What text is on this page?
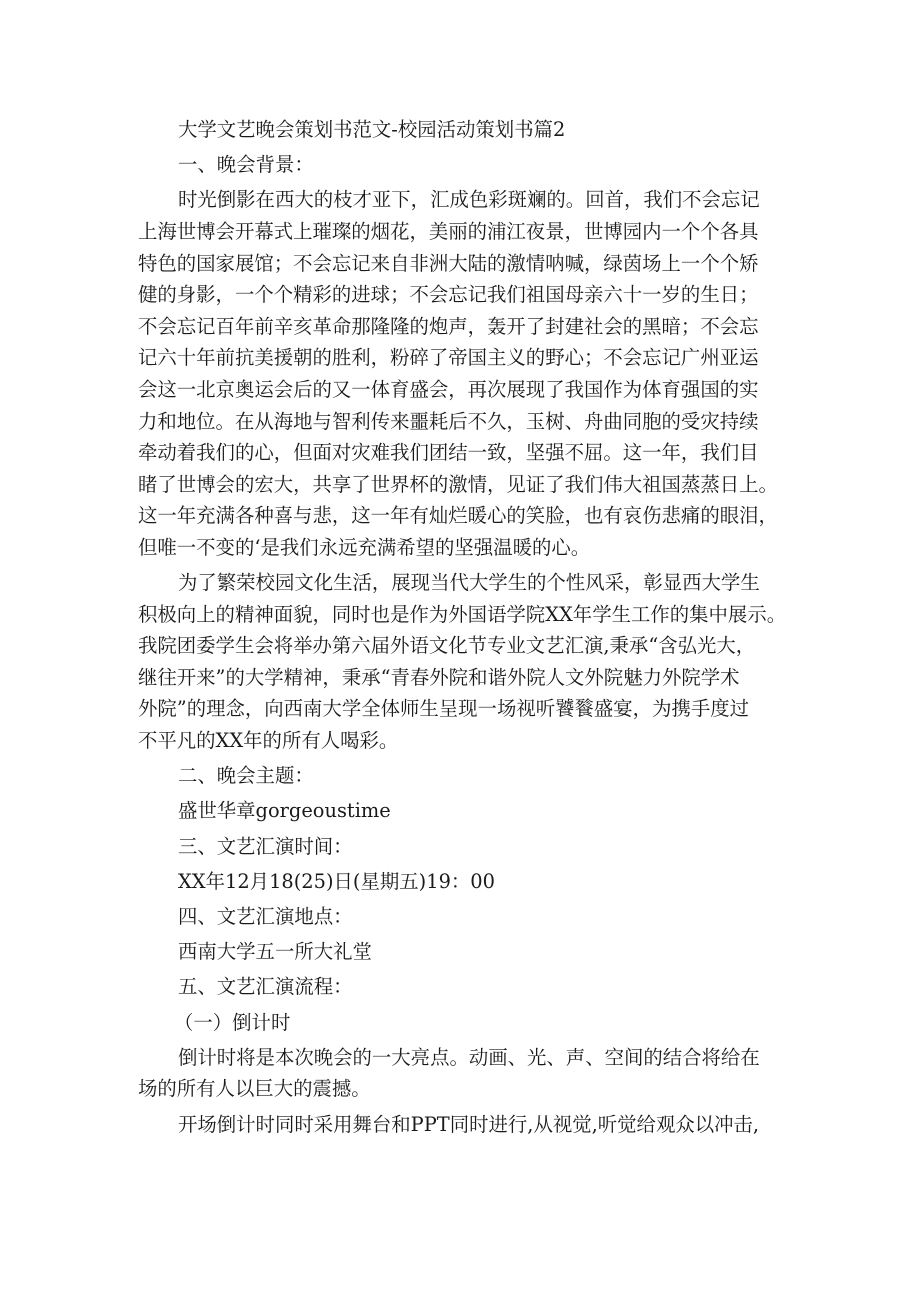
大学文艺晚会策划书范文-校园活动策划书篇2
一、晚会背景：
时光倒影在西大的枝才亚下，汇成色彩斑斓的。回首，我们不会忘记
上海世博会开幕式上璀璨的烟花，美丽的浦江夜景，世博园内一个个各具
特色的国家展馆；不会忘记来自非洲大陆的激情呐喊，绿茵场上一个个矫
健的身影，一个个精彩的进球；不会忘记我们祖国母亲六十一岁的生日；
不会忘记百年前辛亥革命那隆隆的炮声，轰开了封建社会的黑暗；不会忘
记六十年前抗美援朝的胜利，粉碎了帝国主义的野心；不会忘记广州亚运
会这一北京奥运会后的又一体育盛会，再次展现了我国作为体育强国的实
力和地位。在从海地与智利传来噩耗后不久，玉树、舟曲同胞的受灾持续
牵动着我们的心，但面对灾难我们团结一致，坚强不屈。这一年，我们目
睹了世博会的宏大，共享了世界杯的激情，见证了我们伟大祖国蒸蒸日上。
这一年充满各种喜与悲，这一年有灿烂暖心的笑脸，也有哀伤悲痛的眼泪，
但唯一不变的‘是我们永远充满希望的坚强温暖的心。
为了繁荣校园文化生活，展现当代大学生的个性风采，彰显西大学生
积极向上的精神面貌，同时也是作为外国语学院XX年学生工作的集中展示。
我院团委学生会将举办第六届外语文化节专业文艺汇演,秉承“含弘光大，
继往开来”的大学精神，秉承“青春外院和谐外院人文外院魅力外院学术
外院”的理念，向西南大学全体师生呈现一场视听饕餮盛宴，为携手度过
不平凡的XX年的所有人喝彩。
二、晚会主题：
盛世华章gorgeoustime
三、文艺汇演时间：
XX年12月18(25)日(星期五)19：00
四、文艺汇演地点：
西南大学五一所大礼堂
五、文艺汇演流程：
（一）倒计时
倒计时将是本次晚会的一大亮点。动画、光、声、空间的结合将给在
场的所有人以巨大的震撼。
开场倒计时同时采用舞台和PPT同时进行,从视觉,听觉给观众以冲击,
